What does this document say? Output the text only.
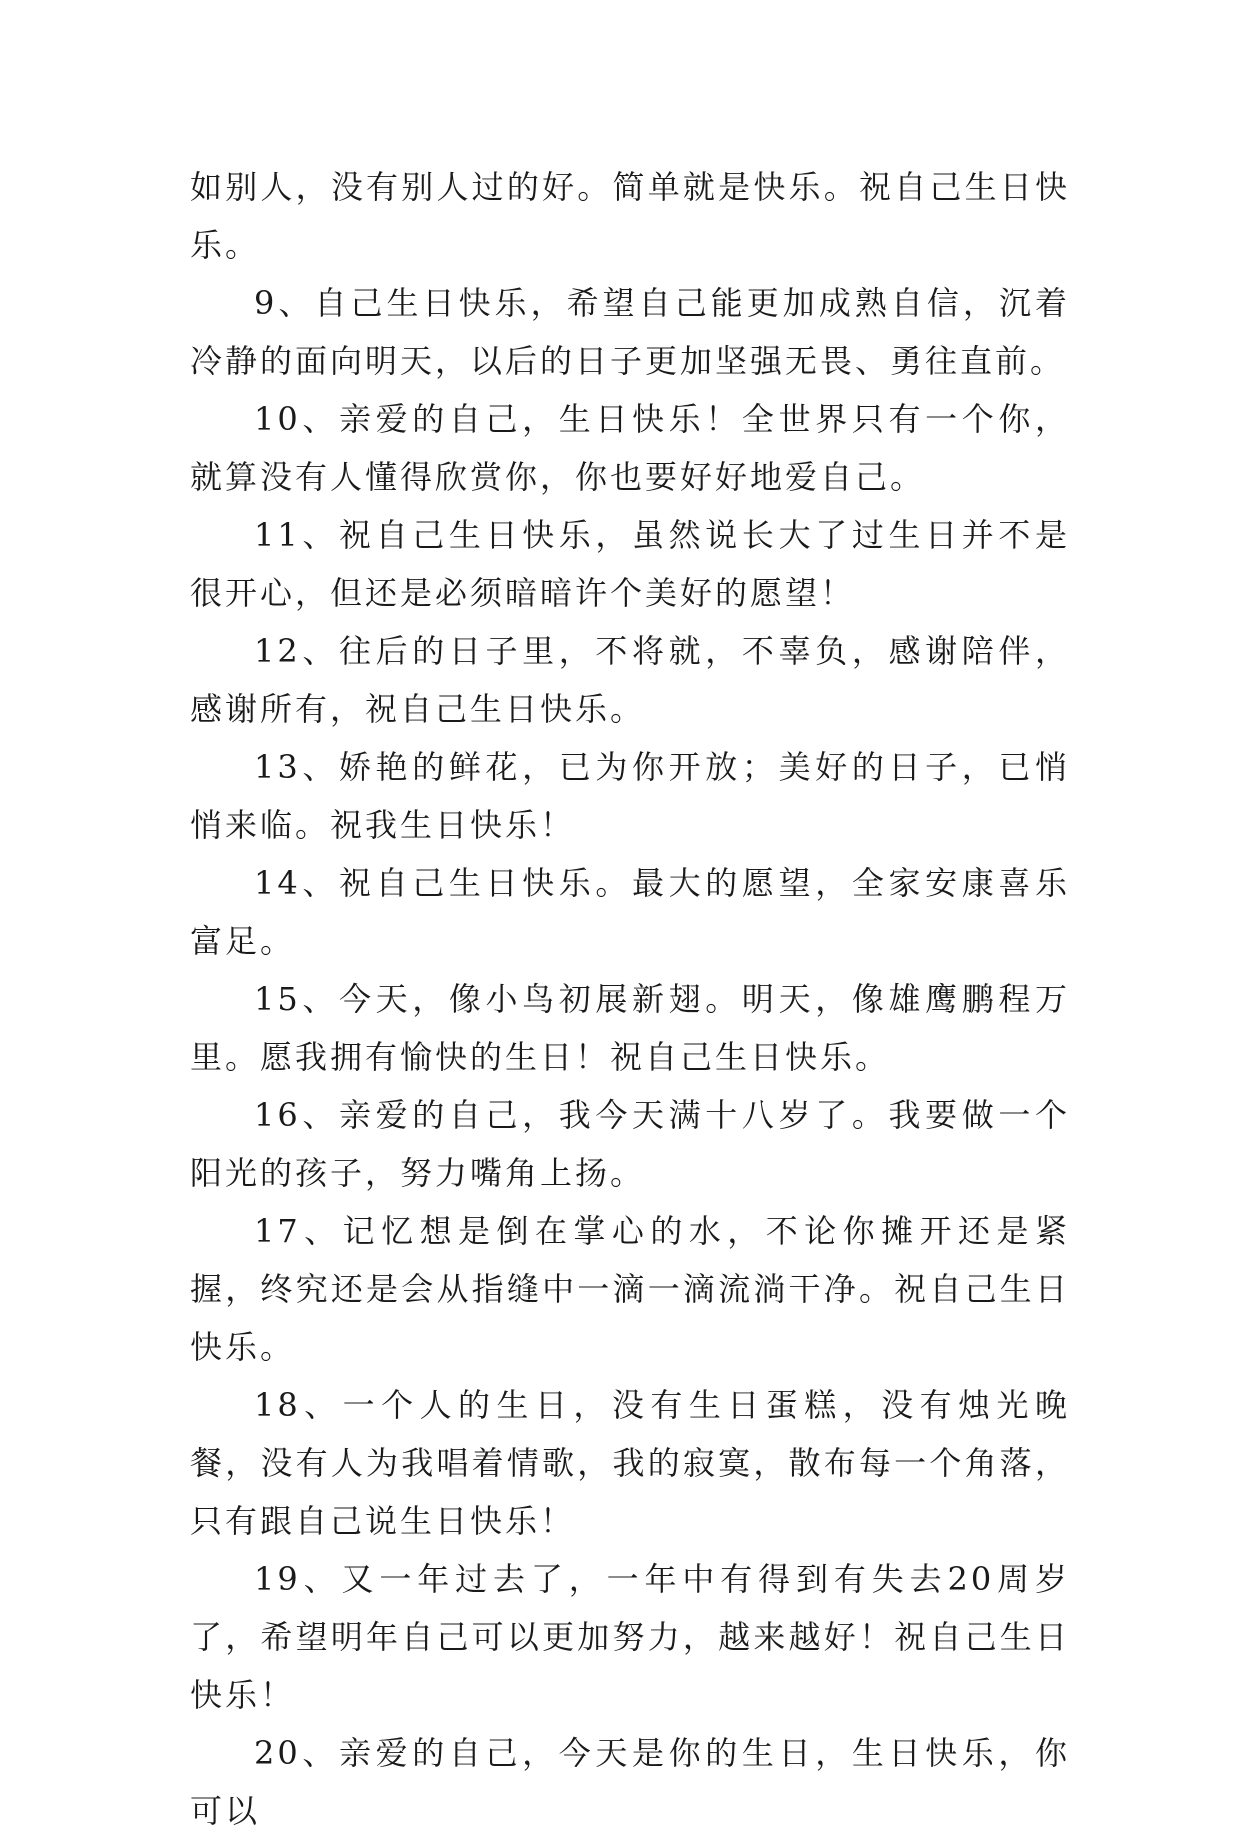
如别人，没有别人过的好。简单就是快乐。祝自己生日快乐。

9、自己生日快乐，希望自己能更加成熟自信，沉着冷静的面向明天，以后的日子更加坚强无畏、勇往直前。

10、亲爱的自己，生日快乐！全世界只有一个你，就算没有人懂得欣赏你，你也要好好地爱自己。

11、祝自己生日快乐，虽然说长大了过生日并不是很开心，但还是必须暗暗许个美好的愿望！

12、往后的日子里，不将就，不辜负，感谢陪伴，感谢所有，祝自己生日快乐。

13、娇艳的鲜花，已为你开放；美好的日子，已悄悄来临。祝我生日快乐！

14、祝自己生日快乐。最大的愿望，全家安康喜乐富足。

15、今天，像小鸟初展新翅。明天，像雄鹰鹏程万里。愿我拥有愉快的生日！祝自己生日快乐。

16、亲爱的自己，我今天满十八岁了。我要做一个阳光的孩子，努力嘴角上扬。

17、记忆想是倒在掌心的水，不论你摊开还是紧握，终究还是会从指缝中一滴一滴流淌干净。祝自己生日快乐。

18、一个人的生日，没有生日蛋糕，没有烛光晚餐，没有人为我唱着情歌，我的寂寞，散布每一个角落，只有跟自己说生日快乐！

19、又一年过去了，一年中有得到有失去20周岁了，希望明年自己可以更加努力，越来越好！祝自己生日快乐！

20、亲爱的自己，今天是你的生日，生日快乐，你可以
